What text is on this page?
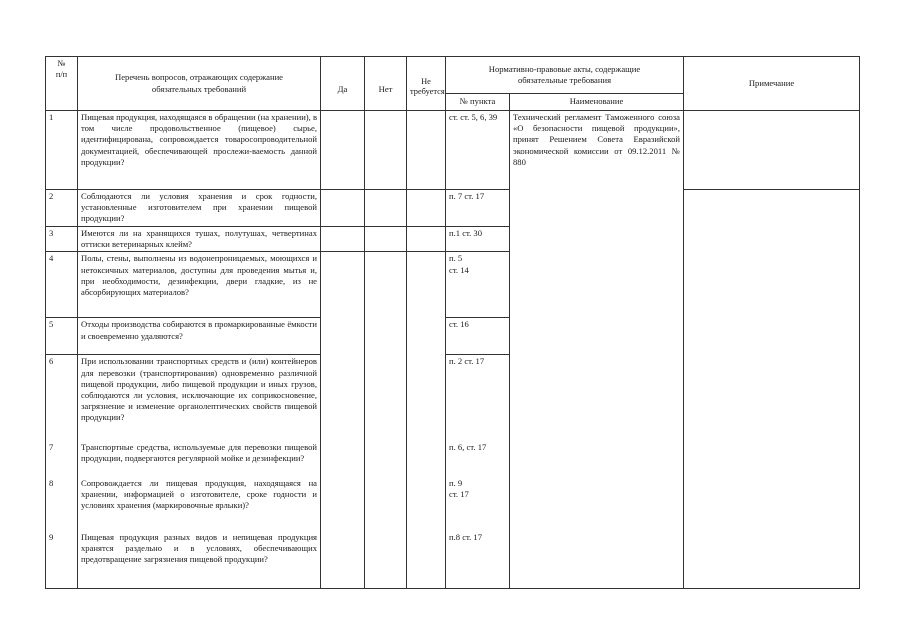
№
п/п	Перечень вопросов, отражающих содержание обязательных требований	Да	Нет	Не требуется	Нормативно-правовые акты, содержащие обязательные требования		Примечание
					№ пункта	Наименование	
1	Пищевая продукция, находящаяся в обращении (на хранении), в том числе продовольственное (пищевое) сырье, идентифицирована, сопровождается товаросопроводительной документацией, обеспечивающей прослежи-ваемость данной продукции?				ст. ст. 5, 6, 39	Технический регламент Таможенного союза «О безопасности пищевой продукции», принят Решением Совета Евразийской экономической комиссии от 09.12.2011 № 880	
2	Соблюдаются ли условия хранения и срок годности, установленные изготовителем при хранении пищевой продукции?				п. 7 ст. 17		
3	Имеются ли на хранящихся тушах, полутушах, четвертинах оттиски ветеринарных клейм?				п.1 ст. 30		
4	Полы, стены, выполнены из водонепроницаемых, моющихся и нетоксичных материалов, доступны для проведения мытья и, при необходимости, дезинфекции, двери гладкие, из не абсорбирующих материалов?				п. 5
ст. 14		
5	Отходы производства собираются в промаркированные ёмкости и своевременно удаляются?				ст. 16		
6	При использовании транспортных средств и (или) контейнеров для перевозки (транспортирования) одновременно различной пищевой продукции, либо пищевой продукции и иных грузов, соблюдаются ли условия, исключающие их соприкосновение, загрязнение и изменение органолептических свойств пищевой продукции?				п. 2 ст. 17		
7	Транспортные средства, используемые для перевозки пищевой продукции, подвергаются регулярной мойке и дезинфекции?				п. 6, ст. 17		
8	Сопровождается ли пищевая продукция, находящаяся на хранении, информацией о изготовителе, сроке годности и условиях хранения (маркировочные ярлыки)?				п. 9
ст. 17		
9	Пищевая продукция разных видов и непищевая продукция хранятся раздельно и в условиях, обеспечивающих предотвращение загрязнения пищевой продукции?				п.8 ст. 17		
